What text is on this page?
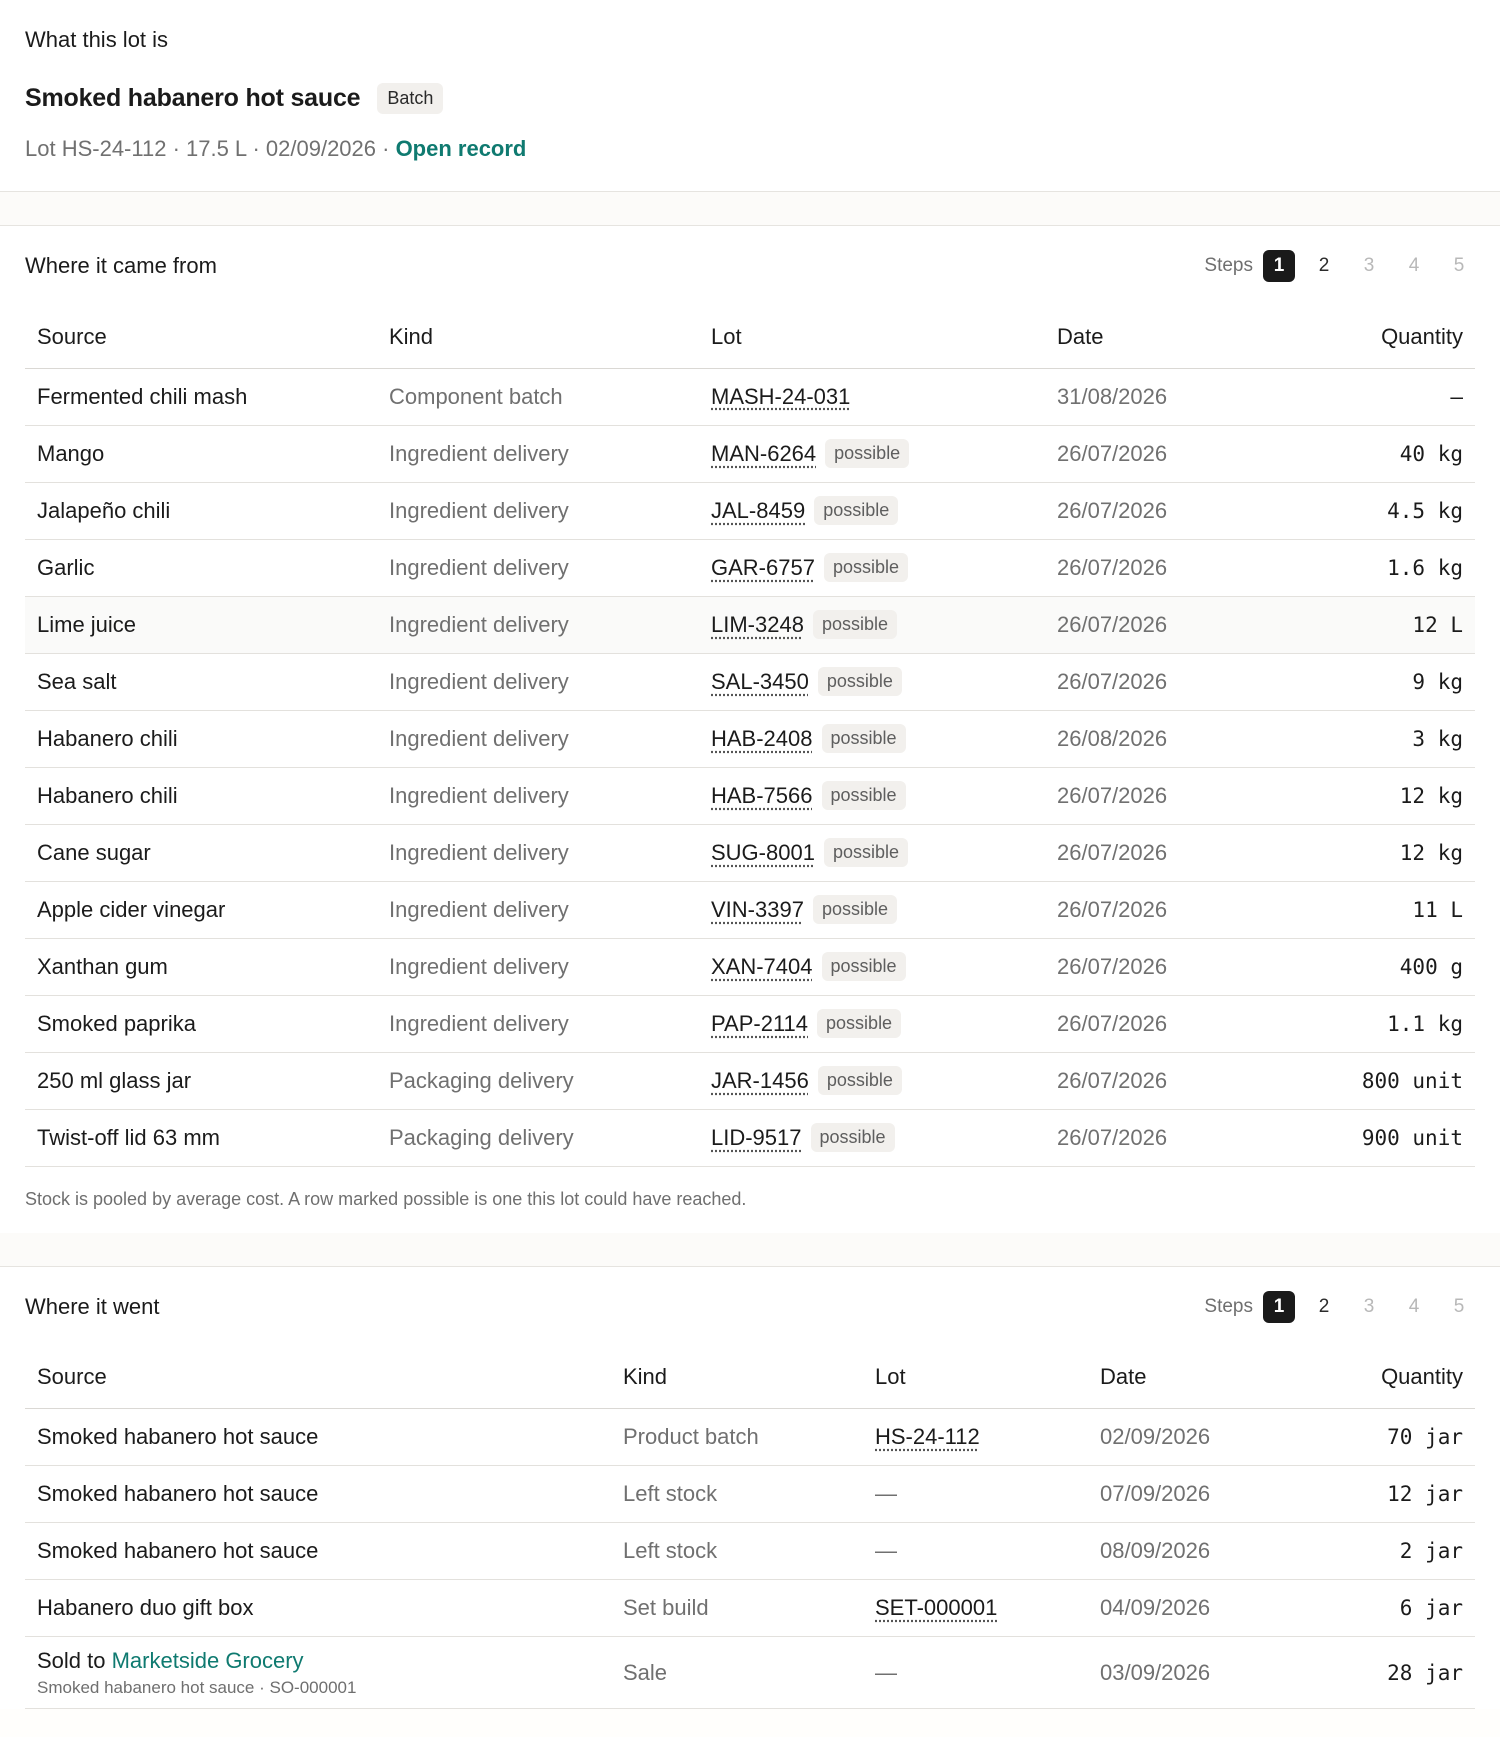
What this lot is
Smoked habanero hot sauce	Batch
Lot HS-24-112 · 17.5 L · 02/09/2026 · Open record
Where it came from	Steps	1	2	3	4	5
Source	Kind	Lot	Date	Quantity
Fermented chili mash	Component batch	MASH-24-031	31/08/2026	–
Mango	Ingredient delivery	MAN-6264 possible	26/07/2026	40 kg
Jalapeño chili	Ingredient delivery	JAL-8459 possible	26/07/2026	4.5 kg
Garlic	Ingredient delivery	GAR-6757 possible	26/07/2026	1.6 kg
Lime juice	Ingredient delivery	LIM-3248 possible	26/07/2026	12 L
Sea salt	Ingredient delivery	SAL-3450 possible	26/07/2026	9 kg
Habanero chili	Ingredient delivery	HAB-2408 possible	26/08/2026	3 kg
Habanero chili	Ingredient delivery	HAB-7566 possible	26/07/2026	12 kg
Cane sugar	Ingredient delivery	SUG-8001 possible	26/07/2026	12 kg
Apple cider vinegar	Ingredient delivery	VIN-3397 possible	26/07/2026	11 L
Xanthan gum	Ingredient delivery	XAN-7404 possible	26/07/2026	400 g
Smoked paprika	Ingredient delivery	PAP-2114 possible	26/07/2026	1.1 kg
250 ml glass jar	Packaging delivery	JAR-1456 possible	26/07/2026	800 unit
Twist-off lid 63 mm	Packaging delivery	LID-9517 possible	26/07/2026	900 unit
Stock is pooled by average cost. A row marked possible is one this lot could have reached.
Where it went	Steps	1	2	3	4	5
Source	Kind	Lot	Date	Quantity
Smoked habanero hot sauce	Product batch	HS-24-112	02/09/2026	70 jar
Smoked habanero hot sauce	Left stock	—	07/09/2026	12 jar
Smoked habanero hot sauce	Left stock	—	08/09/2026	2 jar
Habanero duo gift box	Set build	SET-000001	04/09/2026	6 jar
Sold to Marketside Grocery
Smoked habanero hot sauce · SO-000001	Sale	—	03/09/2026	28 jar
